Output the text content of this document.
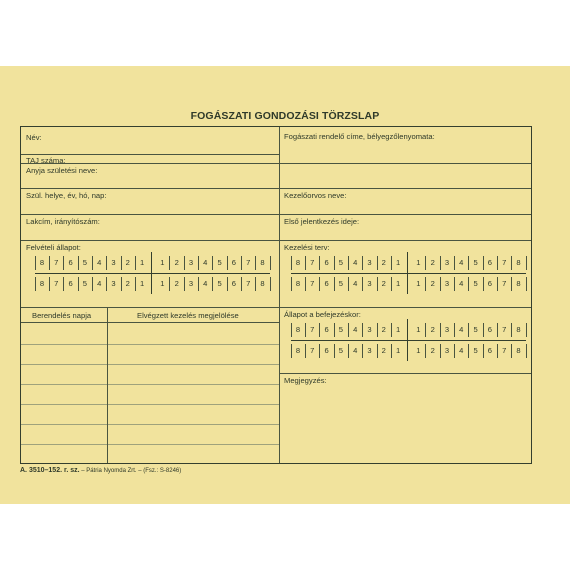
FOGÁSZATI GONDOZÁSI TÖRZSLAP
Név:	Fogászati rendelő címe, bélyegzőlenyomata:
TAJ száma:
Anyja születési neve:
Szül. helye, év, hó, nap:	Kezelőorvos neve:
Lakcím, irányítószám:	Első jelentkezés ideje:
Felvételi állapot:	Kezelési terv:
Állapot a befejezéskor:
Berendelés napja	Elvégzett kezelés megjelölése
Megjegyzés:
8	7	6	5	4	3	2	1	1	2	3	4	5	6	7	8
8	7	6	5	4	3	2	1	1	2	3	4	5	6	7	8
8	7	6	5	4	3	2	1	1	2	3	4	5	6	7	8
8	7	6	5	4	3	2	1	1	2	3	4	5	6	7	8
8	7	6	5	4	3	2	1	1	2	3	4	5	6	7	8
8	7	6	5	4	3	2	1	1	2	3	4	5	6	7	8
A. 3510–152. r. sz. – Pátria Nyomda Zrt. – (Fsz.: S-8246)
